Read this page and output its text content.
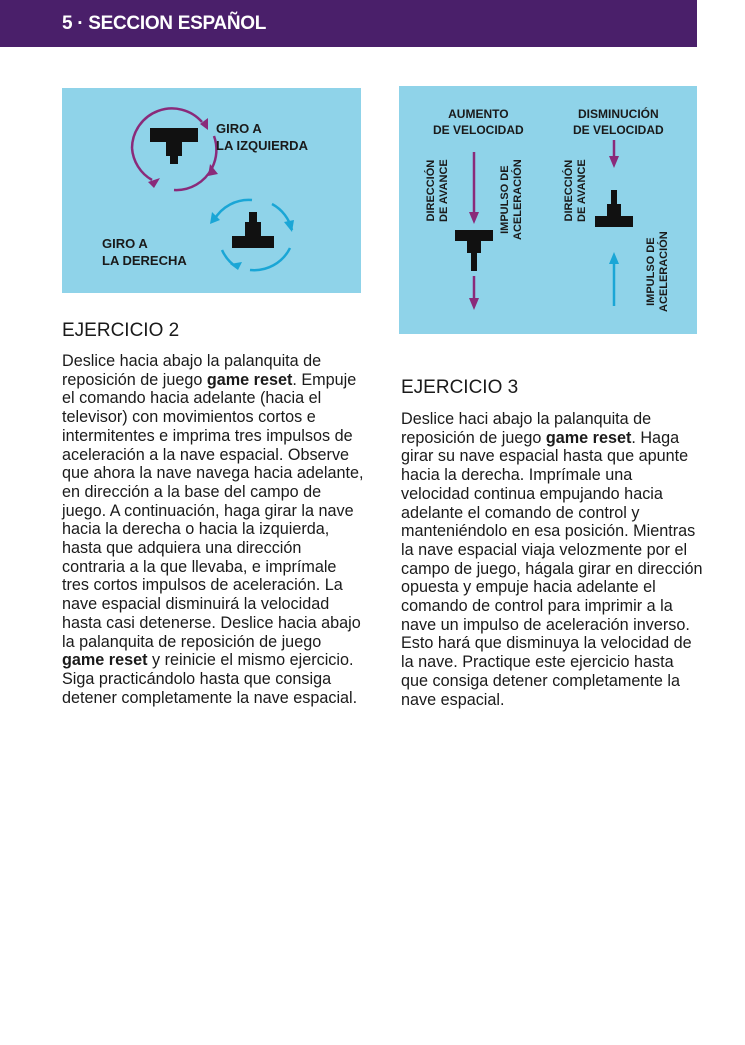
5 · SECCION ESPAÑOL
GIRO A
LA IZQUIERDA
GIRO A
LA DERECHA
AUMENTO
DE VELOCIDAD
DISMINUCIÓN
DE VELOCIDAD
DIRECCIÓN
DE AVANCE
IMPULSO DE
ACELERACIÓN	DIRECCIÓN
DE AVANCE
IMPULSO DE
ACELERACIÓN
EJERCICIO 2

Deslice hacia abajo la palanquita de reposición de juego game reset. Empuje el comando hacia adelante (hacia el televisor) con movimientos cortos e intermitentes e imprima tres impulsos de aceleración a la nave espacial. Observe que ahora la nave navega hacia adelante, en dirección a la base del campo de juego. A continuación, haga girar la nave hacia la derecha o hacia la izquierda, hasta que adquiera una dirección contraria a la que llevaba, e imprímale tres cortos impulsos de aceleración. La nave espacial disminuirá la velocidad hasta casi detenerse. Deslice hacia abajo la palanquita de reposición de juego game reset y reinicie el mismo ejercicio. Siga practicándolo hasta que consiga detener completamente la nave espacial.

EJERCICIO 3

Deslice haci abajo la palanquita de reposición de juego game reset. Haga girar su nave espacial hasta que apunte hacia la derecha. Imprímale una velocidad continua empujando hacia adelante el comando de control y manteniéndolo en esa posición. Mientras la nave espacial viaja velozmente por el campo de juego, hágala girar en dirección opuesta y empuje hacia adelante el comando de control para imprimir a la nave un impulso de aceleración inverso. Esto hará que disminuya la velocidad de la nave. Practique este ejercicio hasta que consiga detener completamente la nave espacial.
